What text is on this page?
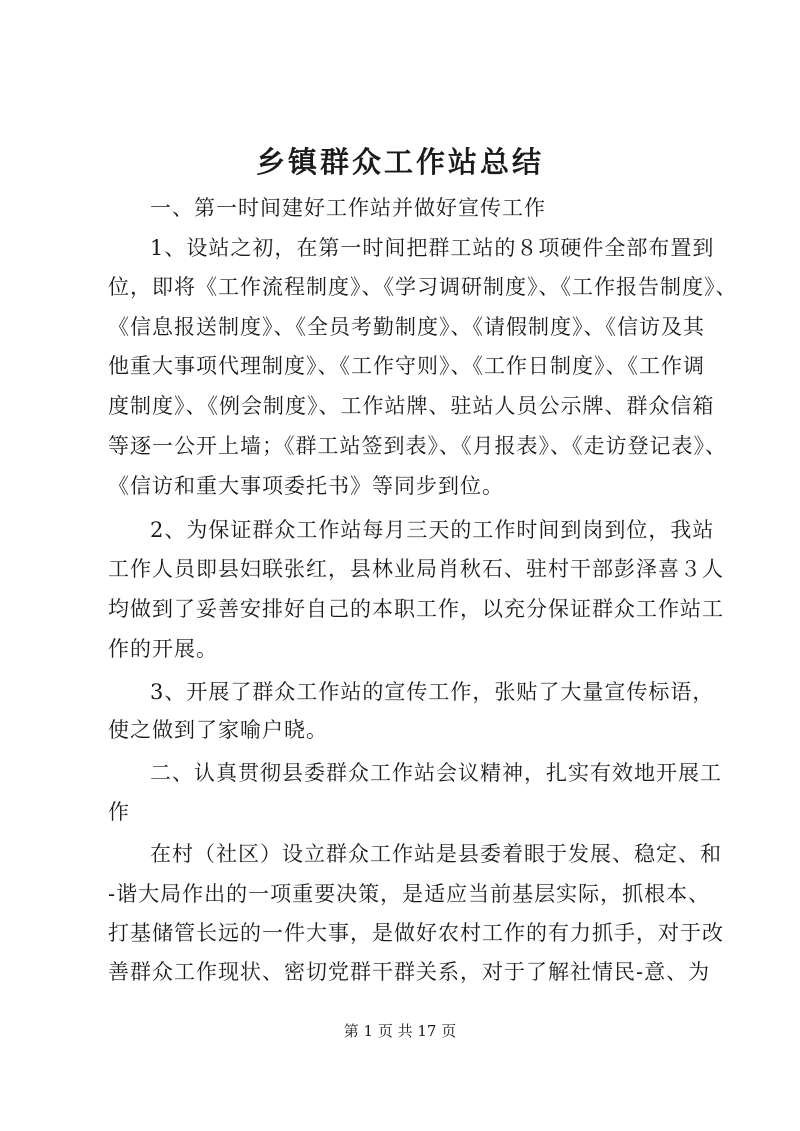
乡镇群众工作站总结
一、第一时间建好工作站并做好宣传工作
1、设站之初，在第一时间把群工站的８项硬件全部布置到
位，即将《工作流程制度》、《学习调研制度》、《工作报告制度》、
《信息报送制度》、《全员考勤制度》、《请假制度》、《信访及其
他重大事项代理制度》、《工作守则》、《工作日制度》、《工作调
度制度》、《例会制度》、工作站牌、驻站人员公示牌、群众信箱
等逐一公开上墙；《群工站签到表》、《月报表》、《走访登记表》、
《信访和重大事项委托书》等同步到位。
2、为保证群众工作站每月三天的工作时间到岗到位，我站
工作人员即县妇联张红，县林业局肖秋石、驻村干部彭泽喜３人
均做到了妥善安排好自己的本职工作，以充分保证群众工作站工
作的开展。
3、开展了群众工作站的宣传工作，张贴了大量宣传标语，
使之做到了家喻户晓。
二、认真贯彻县委群众工作站会议精神，扎实有效地开展工
作
在村（社区）设立群众工作站是县委着眼于发展、稳定、和
-谐大局作出的一项重要决策，是适应当前基层实际，抓根本、
打基储管长远的一件大事，是做好农村工作的有力抓手，对于改
善群众工作现状、密切党群干群关系，对于了解社情民-意、为
第 1 页 共 17 页
